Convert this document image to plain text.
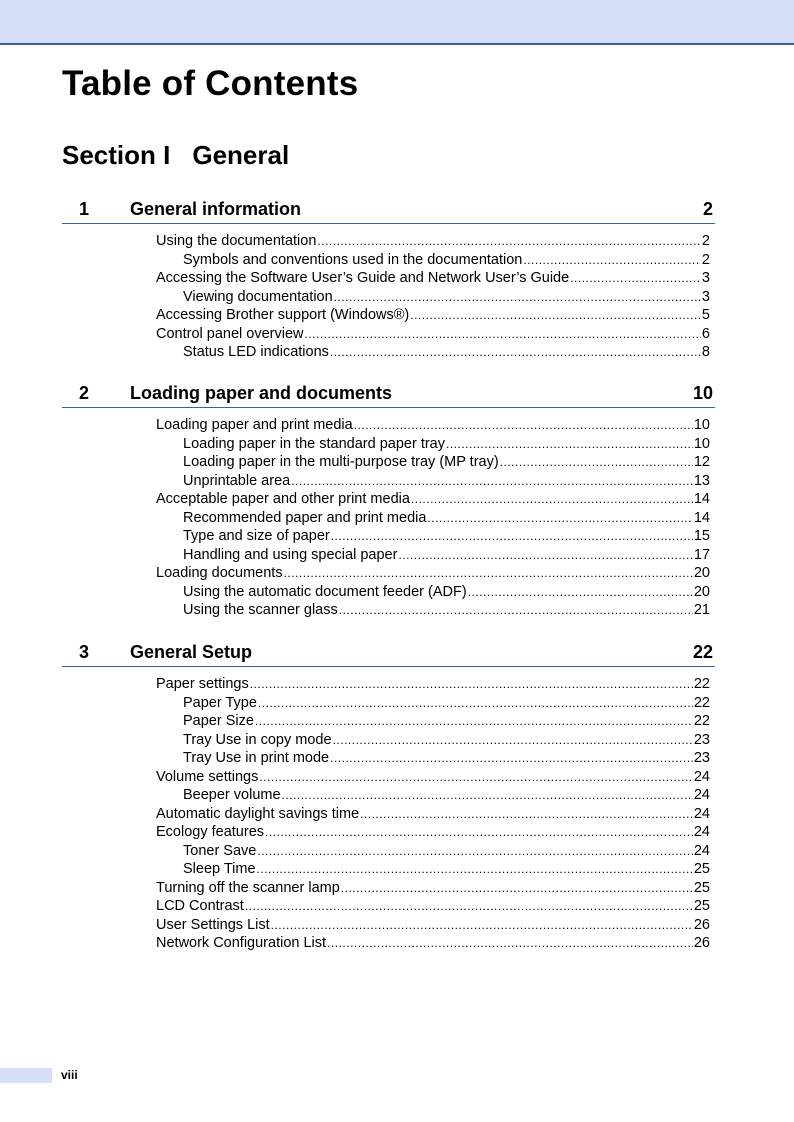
Table of Contents
Section I General
1 General information	2
Using the documentation .....	2
Symbols and conventions used in the documentation .....	2
Accessing the Software User’s Guide and Network User’s Guide .....	3
Viewing documentation .....	3
Accessing Brother support (Windows®) .....	5
Control panel overview .....	6
Status LED indications .....	8
2 Loading paper and documents	10
Loading paper and print media .....	10
Loading paper in the standard paper tray .....	10
Loading paper in the multi-purpose tray (MP tray) .....	12
Unprintable area .....	13
Acceptable paper and other print media .....	14
Recommended paper and print media .....	14
Type and size of paper .....	15
Handling and using special paper .....	17
Loading documents .....	20
Using the automatic document feeder (ADF) .....	20
Using the scanner glass .....	21
3 General Setup	22
Paper settings .....	22
Paper Type .....	22
Paper Size .....	22
Tray Use in copy mode .....	23
Tray Use in print mode .....	23
Volume settings .....	24
Beeper volume .....	24
Automatic daylight savings time .....	24
Ecology features .....	24
Toner Save .....	24
Sleep Time .....	25
Turning off the scanner lamp .....	25
LCD Contrast .....	25
User Settings List .....	26
Network Configuration List .....	26
viii
